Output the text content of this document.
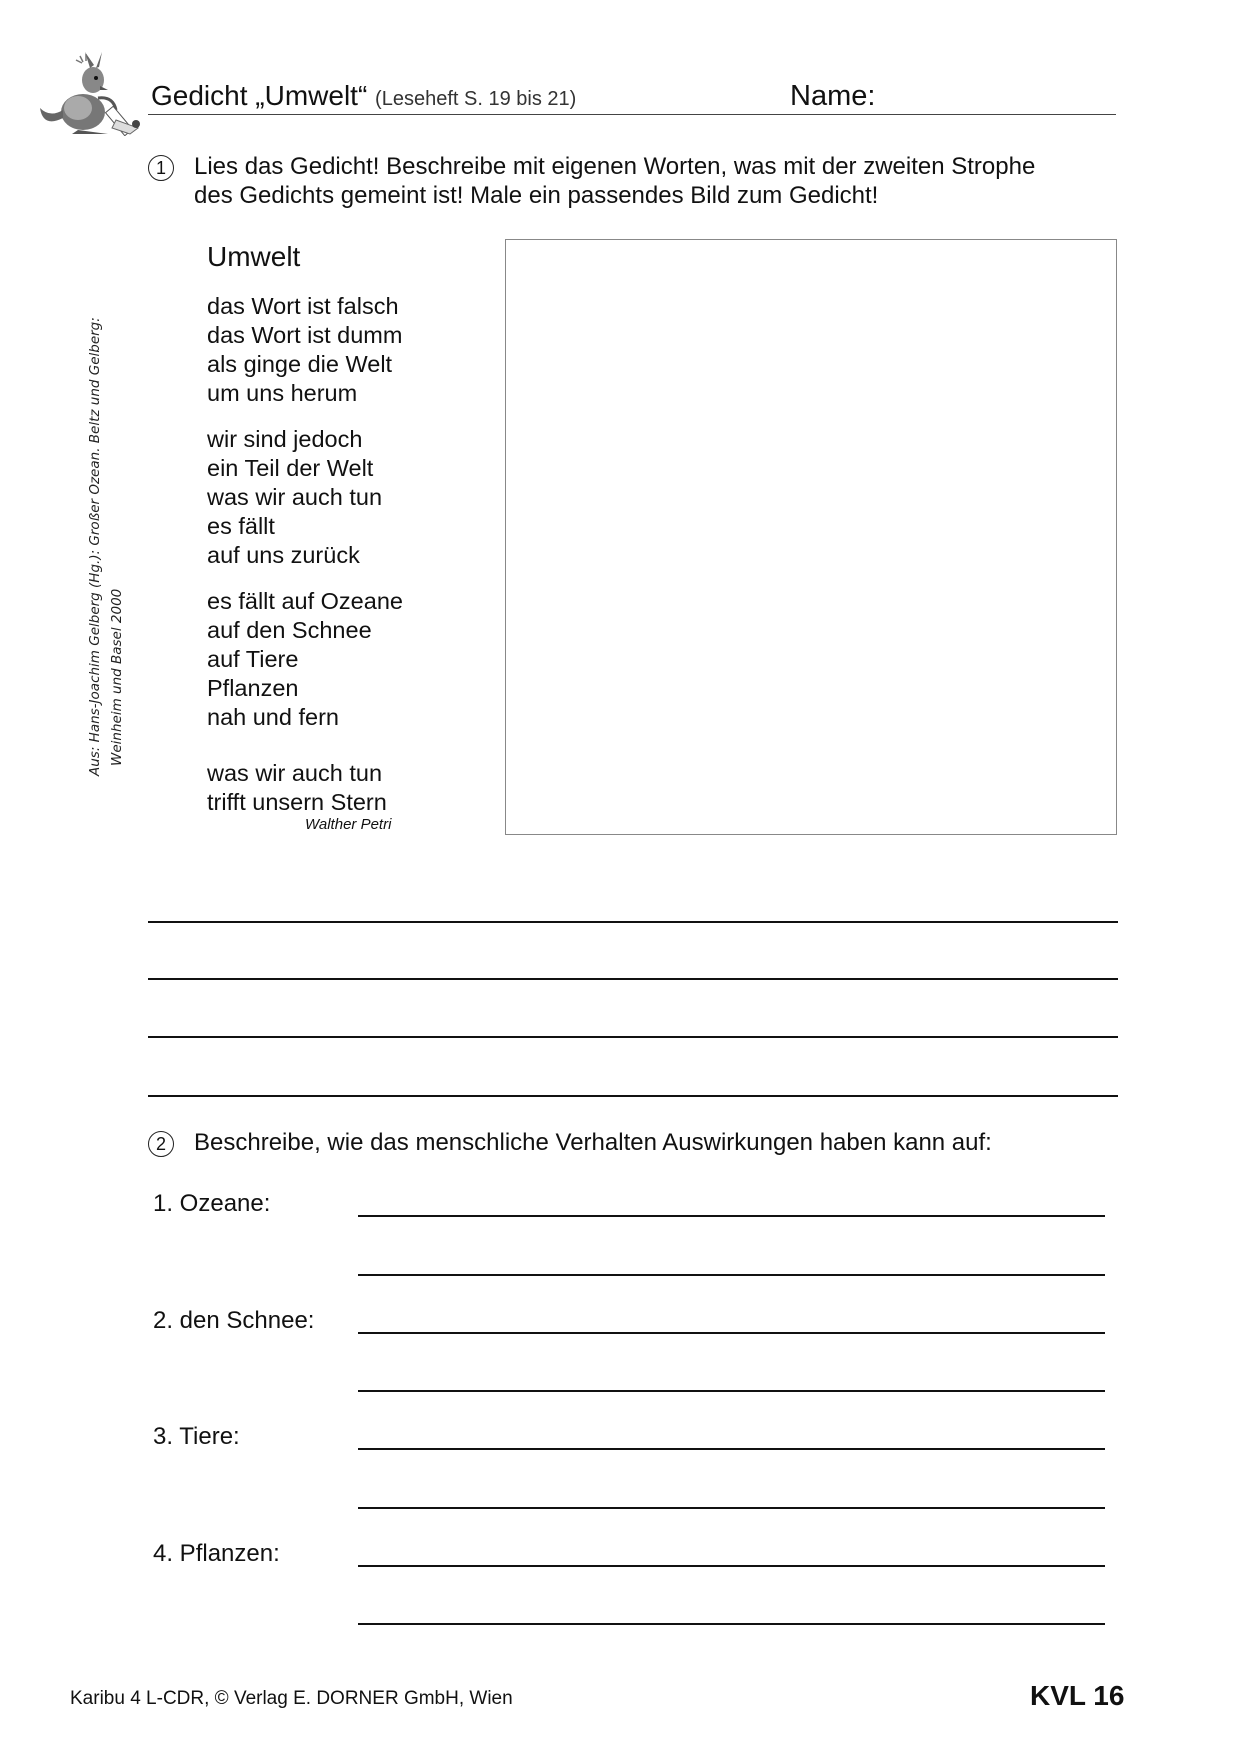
Gedicht „Umwelt“ (Leseheft S. 19 bis 21)	Name:
1	Lies das Gedicht! Beschreibe mit eigenen Worten, was mit der zweiten Strophe
des Gedichts gemeint ist! Male ein passendes Bild zum Gedicht!
Umwelt
das Wort ist falsch
das Wort ist dumm
als ginge die Welt
um uns herum
wir sind jedoch
ein Teil der Welt
was wir auch tun
es fällt
auf uns zurück
es fällt auf Ozeane
auf den Schnee
auf Tiere
Pflanzen
nah und fern
was wir auch tun
trifft unsern Stern
Walther Petri
Aus: Hans-Joachim Gelberg (Hg.): Großer Ozean. Beltz und Gelberg: Weinheim und Basel 2000
2	Beschreibe, wie das menschliche Verhalten Auswirkungen haben kann auf:
1. Ozeane:
2. den Schnee:
3. Tiere:
4. Pflanzen:
Karibu 4 L-CDR, © Verlag E. DORNER GmbH, Wien	KVL 16
